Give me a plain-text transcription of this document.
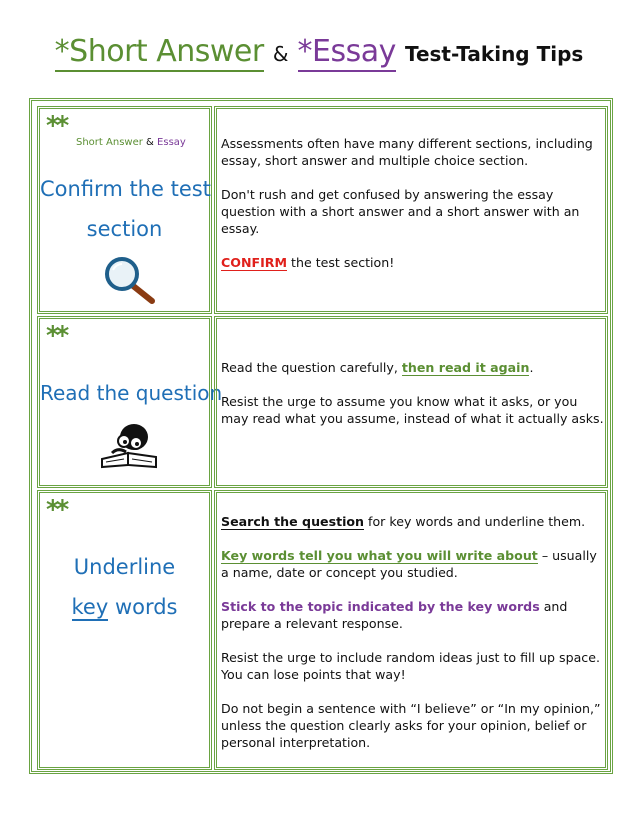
*Short Answer & *Essay Test-Taking Tips
**
Short Answer & Essay
Confirm the test
section

Assessments often have many different sections, including essay, short answer and multiple choice section.

Don't rush and get confused by answering the essay question with a short answer and a short answer with an essay.

CONFIRM the test section!

**
Read the question

Read the question carefully, then read it again.

Resist the urge to assume you know what it asks, or you may read what you assume, instead of what it actually asks.

**
Underline
key words

Search the question for key words and underline them.

Key words tell you what you will write about – usually a name, date or concept you studied.

Stick to the topic indicated by the key words and prepare a relevant response.

Resist the urge to include random ideas just to fill up space. You can lose points that way!

Do not begin a sentence with “I believe” or “In my opinion,” unless the question clearly asks for your opinion, belief or personal interpretation.
